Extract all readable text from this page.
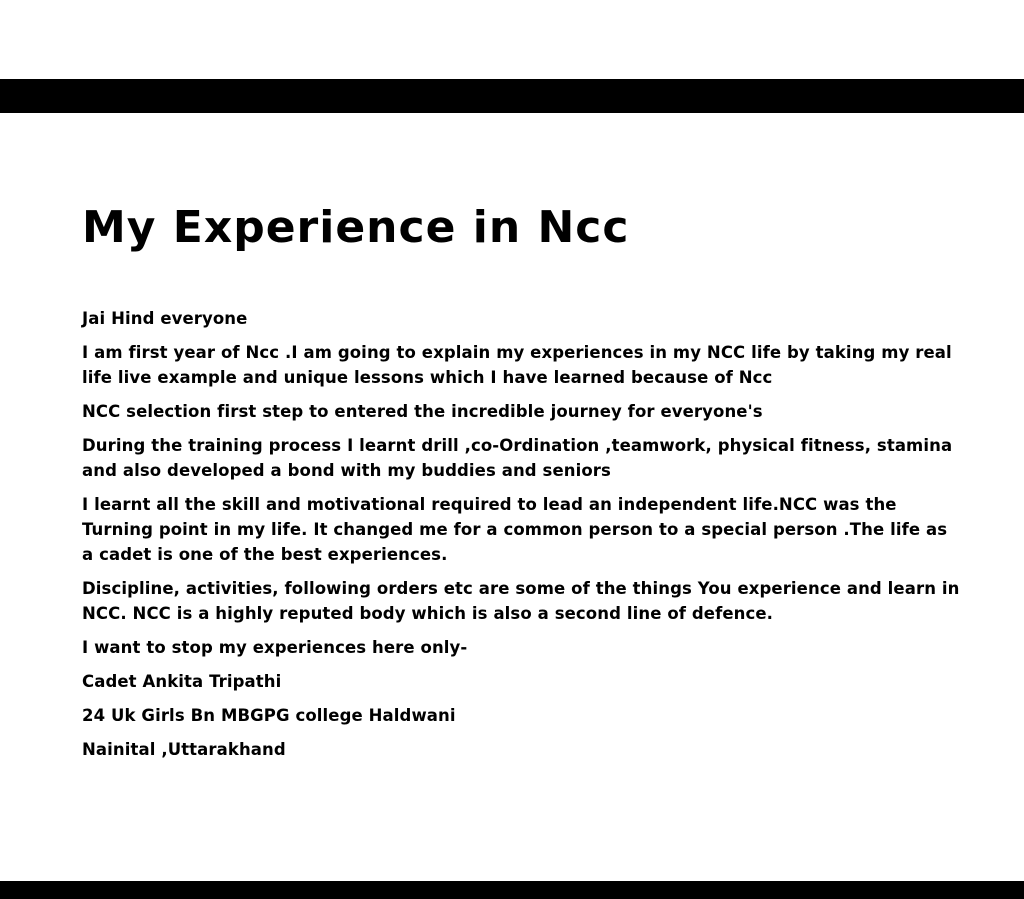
My Experience in Ncc

Jai Hind everyone

I am first year of Ncc .I am going to explain my experiences in my NCC life by taking my real life live example and unique lessons which I have learned because of Ncc

NCC selection first step to entered the incredible journey for everyone's

During the training process I learnt drill ,co-Ordination ,teamwork, physical fitness, stamina and also developed a bond with my buddies and seniors

I learnt all the skill and motivational required to lead an independent life.NCC was the Turning point in my life. It changed me for a common person to a special person .The life as a cadet is one of the best experiences.

Discipline, activities, following orders etc are some of the things You experience and learn in NCC. NCC is a highly reputed body which is also a second line of defence.

I want to stop my experiences here only-

Cadet Ankita Tripathi

24 Uk Girls Bn MBGPG college Haldwani

Nainital ,Uttarakhand
